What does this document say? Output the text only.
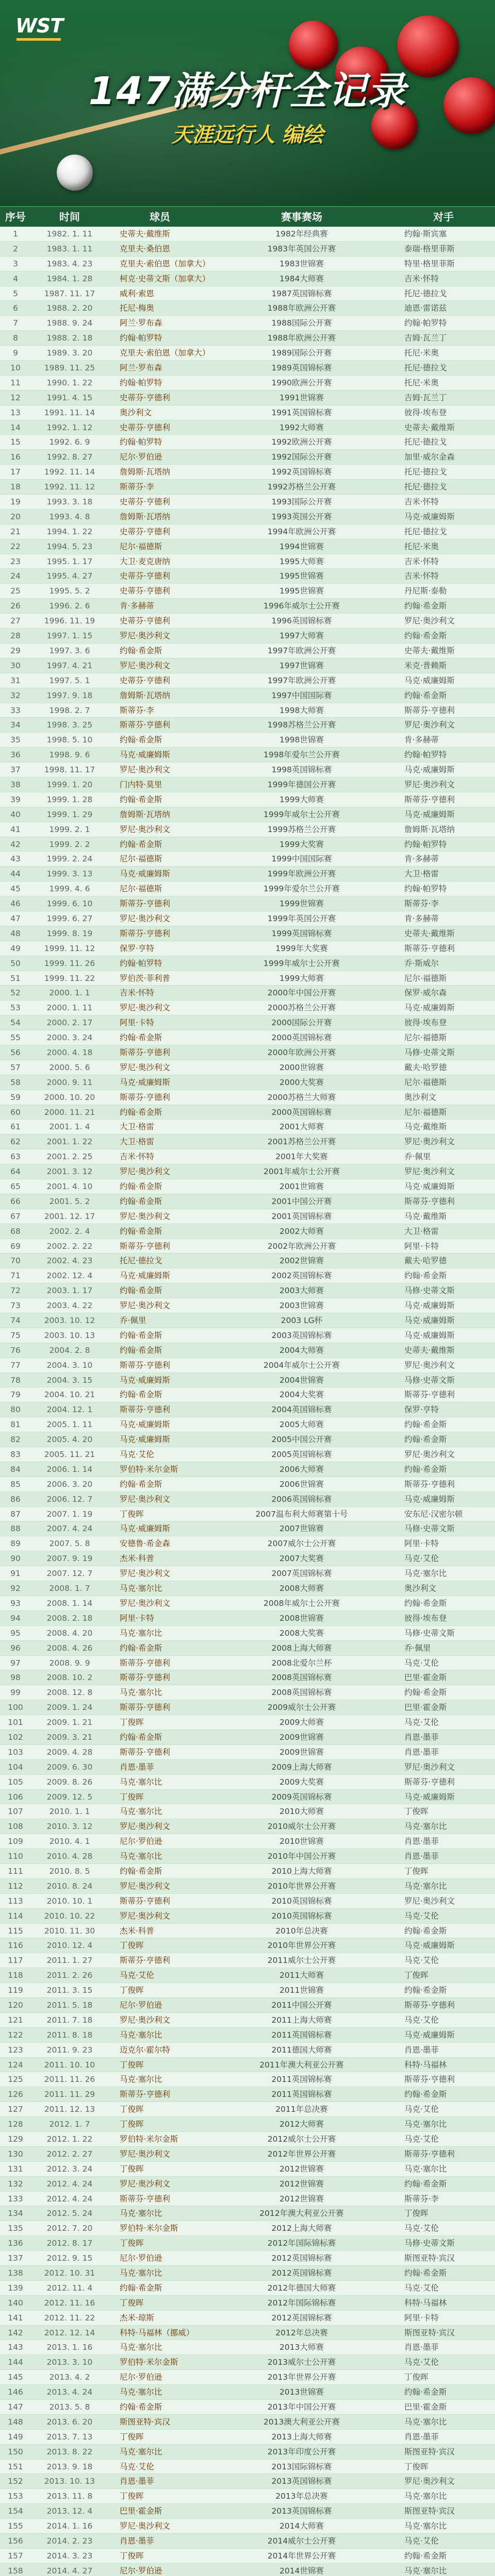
WST
147满分杆全记录
天涯远行人 编绘
序号	时间	球员	赛事赛场	对手
1	1982. 1. 11	史蒂夫·戴维斯	1982年经典赛	约翰·斯宾塞
2	1983. 1. 11	克里夫·桑伯恩	1983年英国公开赛	泰瑞·格里菲斯
3	1983. 4. 23	克里夫·索伯恩（加拿大）	1983世锦赛	特里·格里菲斯
4	1984. 1. 28	柯克·史蒂文斯（加拿大）	1984大师赛	吉米·怀特
5	1987. 11. 17	威利·索恩	1987英国锦标赛	托尼·德拉戈
6	1988. 2. 20	托尼·梅奥	1988年欧洲公开赛	迪恩·雷诺兹
7	1988. 9. 24	阿兰·罗布森	1988国际公开赛	约翰·帕罗特
8	1988. 2. 18	约翰·帕罗特	1988年欧洲公开赛	吉姆·瓦兰丁
9	1989. 3. 20	克里夫·索伯恩（加拿大）	1989国际公开赛	托尼·米奥
10	1989. 11. 25	阿兰·罗布森	1989英国锦标赛	托尼·德拉戈
11	1990. 1. 22	约翰·帕罗特	1990欧洲公开赛	托尼·米奥
12	1991. 4. 15	史蒂芬·亨德利	1991世锦赛	吉姆·瓦兰丁
13	1991. 11. 14	奥沙利文	1991英国锦标赛	彼得·埃布登
14	1992. 1. 12	史蒂芬·亨德利	1992大师赛	史蒂夫·戴维斯
15	1992. 6. 9	约翰·帕罗特	1992欧洲公开赛	托尼·德拉戈
16	1992. 8. 27	尼尔·罗伯逊	1992国际公开赛	加里·威尔金森
17	1992. 11. 14	詹姆斯·瓦塔纳	1992英国锦标赛	托尼·德拉戈
18	1992. 11. 12	斯蒂芬·李	1992苏格兰公开赛	托尼·德拉戈
19	1993. 3. 18	史蒂芬·亨德利	1993国际公开赛	吉米·怀特
20	1993. 4. 8	詹姆斯·瓦塔纳	1993英国公开赛	马克·威廉姆斯
21	1994. 1. 22	史蒂芬·亨德利	1994年欧洲公开赛	托尼·德拉戈
22	1994. 5. 23	尼尔·福德斯	1994世锦赛	托尼·米奥
23	1995. 1. 17	大卫·麦克唐纳	1995大师赛	吉米·怀特
24	1995. 4. 27	史蒂芬·亨德利	1995世锦赛	吉米·怀特
25	1995. 5. 2	史蒂芬·亨德利	1995世锦赛	丹尼斯·泰勒
26	1996. 2. 6	肯·多赫蒂	1996年威尔士公开赛	约翰·希金斯
27	1996. 11. 19	史蒂芬·亨德利	1996英国锦标赛	罗尼·奥沙利文
28	1997. 1. 15	罗尼·奥沙利文	1997大师赛	约翰·希金斯
29	1997. 3. 6	约翰·希金斯	1997年欧洲公开赛	史蒂夫·戴维斯
30	1997. 4. 21	罗尼·奥沙利文	1997世锦赛	米克·普赖斯
31	1997. 5. 1	史蒂芬·亨德利	1997年欧洲公开赛	马克·威廉姆斯
32	1997. 9. 18	詹姆斯·瓦塔纳	1997中国国际赛	约翰·希金斯
33	1998. 2. 7	斯蒂芬·李	1998大师赛	斯蒂芬·亨德利
34	1998. 3. 25	斯蒂芬·亨德利	1998苏格兰公开赛	罗尼·奥沙利文
35	1998. 5. 10	约翰·希金斯	1998世锦赛	肯·多赫蒂
36	1998. 9. 6	马克·威廉姆斯	1998年爱尔兰公开赛	约翰·帕罗特
37	1998. 11. 17	罗尼·奥沙利文	1998英国锦标赛	马克·威廉姆斯
38	1999. 1. 20	门内特·莫里	1999年德国公开赛	罗尼·奥沙利文
39	1999. 1. 28	约翰·希金斯	1999大师赛	斯蒂芬·亨德利
40	1999. 1. 29	詹姆斯·瓦塔纳	1999年威尔士公开赛	马克·威廉姆斯
41	1999. 2. 1	罗尼·奥沙利文	1999苏格兰公开赛	詹姆斯·瓦塔纳
42	1999. 2. 2	约翰·希金斯	1999大奖赛	约翰·帕罗特
43	1999. 2. 24	尼尔·福德斯	1999中国国际赛	肯·多赫蒂
44	1999. 3. 13	马克·威廉姆斯	1999年欧洲公开赛	大卫·格雷
45	1999. 4. 6	尼尔·福德斯	1999年爱尔兰公开赛	约翰·帕罗特
46	1999. 6. 10	斯蒂芬·亨德利	1999世锦赛	斯蒂芬·李
47	1999. 6. 27	罗尼·奥沙利文	1999年英国公开赛	肯·多赫蒂
48	1999. 8. 19	斯蒂芬·亨德利	1999英国锦标赛	史蒂夫·戴维斯
49	1999. 11. 12	保罗·亨特	1999年大奖赛	斯蒂芬·亨德利
50	1999. 11. 26	约翰·帕罗特	1999年威尔士公开赛	乔·斯威尔
51	1999. 11. 22	罗伯茨·菲利普	1999大师赛	尼尔·福德斯
52	2000. 1. 1	吉米·怀特	2000年中国公开赛	保罗·威尔森
53	2000. 1. 11	罗尼·奥沙利文	2000苏格兰公开赛	马克·威廉姆斯
54	2000. 2. 17	阿里·卡特	2000国际公开赛	彼得·埃布登
55	2000. 3. 24	约翰·希金斯	2000英国锦标赛	尼尔·福德斯
56	2000. 4. 18	斯蒂芬·亨德利	2000年欧洲公开赛	马修·史蒂文斯
57	2000. 5. 6	罗尼·奥沙利文	2000世锦赛	戴夫·哈罗德
58	2000. 9. 11	马克·威廉姆斯	2000大奖赛	尼尔·福德斯
59	2000. 10. 20	斯蒂芬·亨德利	2000苏格兰大师赛	奥沙利文
60	2000. 11. 21	约翰·希金斯	2000英国锦标赛	尼尔·福德斯
61	2001. 1. 4	大卫·格雷	2001大师赛	马克·戴维斯
62	2001. 1. 22	大卫·格雷	2001苏格兰公开赛	罗尼·奥沙利文
63	2001. 2. 25	吉米·怀特	2001年大奖赛	乔·佩里
64	2001. 3. 12	罗尼·奥沙利文	2001年威尔士公开赛	罗尼·奥沙利文
65	2001. 4. 10	约翰·希金斯	2001世锦赛	马克·威廉姆斯
66	2001. 5. 2	约翰·希金斯	2001中国公开赛	斯蒂芬·亨德利
67	2001. 12. 17	罗尼·奥沙利文	2001英国锦标赛	马克·戴维斯
68	2002. 2. 4	约翰·希金斯	2002大师赛	大卫·格雷
69	2002. 2. 22	斯蒂芬·亨德利	2002年欧洲公开赛	阿里·卡特
70	2002. 4. 23	托尼·德拉戈	2002世锦赛	戴夫·哈罗德
71	2002. 12. 4	马克·威廉姆斯	2002英国锦标赛	约翰·希金斯
72	2003. 1. 17	约翰·希金斯	2003大师赛	马修·史蒂文斯
73	2003. 4. 22	罗尼·奥沙利文	2003世锦赛	马克·威廉姆斯
74	2003. 10. 12	乔·佩里	2003 LG杯	马克·威廉姆斯
75	2003. 10. 13	约翰·希金斯	2003英国锦标赛	马克·威廉姆斯
76	2004. 2. 8	约翰·希金斯	2004大师赛	史蒂夫·戴维斯
77	2004. 3. 10	斯蒂芬·亨德利	2004年威尔士公开赛	罗尼·奥沙利文
78	2004. 3. 15	马克·威廉姆斯	2004世锦赛	马修·史蒂文斯
79	2004. 10. 21	约翰·希金斯	2004大奖赛	斯蒂芬·亨德利
80	2004. 12. 1	斯蒂芬·亨德利	2004英国锦标赛	保罗·亨特
81	2005. 1. 11	马克·威廉姆斯	2005大师赛	约翰·希金斯
82	2005. 4. 20	马克·威廉姆斯	2005中国公开赛	约翰·希金斯
83	2005. 11. 21	马克·艾伦	2005英国锦标赛	罗尼·奥沙利文
84	2006. 1. 14	罗伯特·米尔金斯	2006大师赛	约翰·希金斯
85	2006. 3. 20	约翰·希金斯	2006世锦赛	斯蒂芬·亨德利
86	2006. 12. 7	罗尼·奥沙利文	2006英国锦标赛	马克·威廉姆斯
87	2007. 1. 19	丁俊晖	2007温布利大师赛第十号	安东尼·汉密尔顿
88	2007. 4. 24	马克·威廉姆斯	2007世锦赛	马修·史蒂文斯
89	2007. 5. 8	安德鲁·希金森	2007威尔士公开赛	阿里·卡特
90	2007. 9. 19	杰米·科普	2007大奖赛	马克·艾伦
91	2007. 12. 7	罗尼·奥沙利文	2007英国锦标赛	马克·塞尔比
92	2008. 1. 7	马克·塞尔比	2008大师赛	奥沙利文
93	2008. 1. 14	罗尼·奥沙利文	2008年威尔士公开赛	约翰·希金斯
94	2008. 2. 18	阿里·卡特	2008世锦赛	彼得·埃布登
95	2008. 4. 20	马克·塞尔比	2008大奖赛	马修·史蒂文斯
96	2008. 4. 26	约翰·希金斯	2008上海大师赛	乔·佩里
97	2008. 9. 9	斯蒂芬·亨德利	2008北爱尔兰杯	马克·艾伦
98	2008. 10. 2	斯蒂芬·亨德利	2008英国锦标赛	巴里·霍金斯
99	2008. 12. 8	马克·塞尔比	2008英国锦标赛	约翰·希金斯
100	2009. 1. 24	斯蒂芬·亨德利	2009威尔士公开赛	巴里·霍金斯
101	2009. 1. 21	丁俊晖	2009大师赛	马克·艾伦
102	2009. 3. 21	约翰·希金斯	2009世锦赛	肖恩·墨菲
103	2009. 4. 28	斯蒂芬·亨德利	2009世锦赛	肖恩·墨菲
104	2009. 6. 30	肖恩·墨菲	2009上海大师赛	罗尼·奥沙利文
105	2009. 8. 26	马克·塞尔比	2009大奖赛	斯蒂芬·亨德利
106	2009. 12. 5	丁俊晖	2009英国锦标赛	马克·威廉姆斯
107	2010. 1. 1	马克·塞尔比	2010大师赛	丁俊晖
108	2010. 3. 12	罗尼·奥沙利文	2010威尔士公开赛	马克·塞尔比
109	2010. 4. 1	尼尔·罗伯逊	2010世锦赛	肖恩·墨菲
110	2010. 4. 28	马克·塞尔比	2010年中国公开赛	肖恩·墨菲
111	2010. 8. 5	约翰·希金斯	2010上海大师赛	丁俊晖
112	2010. 8. 24	罗尼·奥沙利文	2010年世界公开赛	马克·塞尔比
113	2010. 10. 1	斯蒂芬·亨德利	2010英国锦标赛	罗尼·奥沙利文
114	2010. 10. 22	罗尼·奥沙利文	2010英国锦标赛	马克·艾伦
115	2010. 11. 30	杰米·科普	2010年总决赛	约翰·希金斯
116	2010. 12. 4	丁俊晖	2010年世界公开赛	马克·威廉姆斯
117	2011. 1. 27	斯蒂芬·亨德利	2011威尔士公开赛	马克·艾伦
118	2011. 2. 26	马克·艾伦	2011大师赛	丁俊晖
119	2011. 3. 15	丁俊晖	2011世锦赛	约翰·希金斯
120	2011. 5. 18	尼尔·罗伯逊	2011中国公开赛	斯蒂芬·亨德利
121	2011. 7. 18	罗尼·奥沙利文	2011上海大师赛	马克·艾伦
122	2011. 8. 18	马克·塞尔比	2011英国锦标赛	马克·威廉姆斯
123	2011. 9. 23	迈克尔·霍尔特	2011德国大师赛	肖恩·墨菲
124	2011. 10. 10	丁俊晖	2011年澳大利亚公开赛	科特·马福林
125	2011. 11. 26	马克·塞尔比	2011英国锦标赛	斯蒂芬·亨德利
126	2011. 11. 29	斯蒂芬·亨德利	2011英国锦标赛	约翰·希金斯
127	2011. 12. 13	丁俊晖	2011年总决赛	马克·艾伦
128	2012. 1. 7	丁俊晖	2012大师赛	马克·塞尔比
129	2012. 1. 22	罗伯特·米尔金斯	2012威尔士公开赛	马克·艾伦
130	2012. 2. 27	罗尼·奥沙利文	2012年世界公开赛	斯蒂芬·亨德利
131	2012. 3. 24	丁俊晖	2012世锦赛	马克·塞尔比
132	2012. 4. 24	罗尼·奥沙利文	2012世锦赛	约翰·希金斯
133	2012. 4. 24	斯蒂芬·亨德利	2012世锦赛	斯蒂芬·李
134	2012. 5. 24	马克·塞尔比	2012年澳大利亚公开赛	丁俊晖
135	2012. 7. 20	罗伯特·米尔金斯	2012上海大师赛	马克·艾伦
136	2012. 8. 17	丁俊晖	2012年国际锦标赛	马修·史蒂文斯
137	2012. 9. 15	尼尔·罗伯逊	2012英国锦标赛	斯图亚特·宾汉
138	2012. 10. 31	马克·塞尔比	2012英国锦标赛	约翰·希金斯
139	2012. 11. 4	约翰·希金斯	2012年德国大师赛	马克·艾伦
140	2012. 11. 16	丁俊晖	2012年国际锦标赛	科特·马福林
141	2012. 11. 22	杰米·琼斯	2012英国锦标赛	阿里·卡特
142	2012. 12. 14	科特·马福林（挪威）	2012年总决赛	斯图亚特·宾汉
143	2013. 1. 16	马克·塞尔比	2013大师赛	肖恩·墨菲
144	2013. 3. 10	罗伯特·米尔金斯	2013威尔士公开赛	马克·艾伦
145	2013. 4. 2	尼尔·罗伯逊	2013年世界公开赛	丁俊晖
146	2013. 4. 24	马克·塞尔比	2013世锦赛	约翰·希金斯
147	2013. 5. 8	约翰·希金斯	2013年中国公开赛	巴里·霍金斯
148	2013. 6. 20	斯图亚特·宾汉	2013澳大利亚公开赛	马克·塞尔比
149	2013. 7. 13	丁俊晖	2013上海大师赛	肖恩·墨菲
150	2013. 8. 22	马克·塞尔比	2013年印度公开赛	斯图亚特·宾汉
151	2013. 9. 18	马克·艾伦	2013国际锦标赛	丁俊晖
152	2013. 10. 13	肖恩·墨菲	2013英国锦标赛	罗尼·奥沙利文
153	2013. 11. 8	丁俊晖	2013年总决赛	马克·塞尔比
154	2013. 12. 4	巴里·霍金斯	2013英国锦标赛	斯图亚特·宾汉
155	2014. 1. 16	罗尼·奥沙利文	2014大师赛	马克·塞尔比
156	2014. 2. 23	肖恩·墨菲	2014威尔士公开赛	马克·艾伦
157	2014. 3. 23	丁俊晖	2014年世界公开赛	约翰·希金斯
158	2014. 4. 27	尼尔·罗伯逊	2014世锦赛	马克·塞尔比
